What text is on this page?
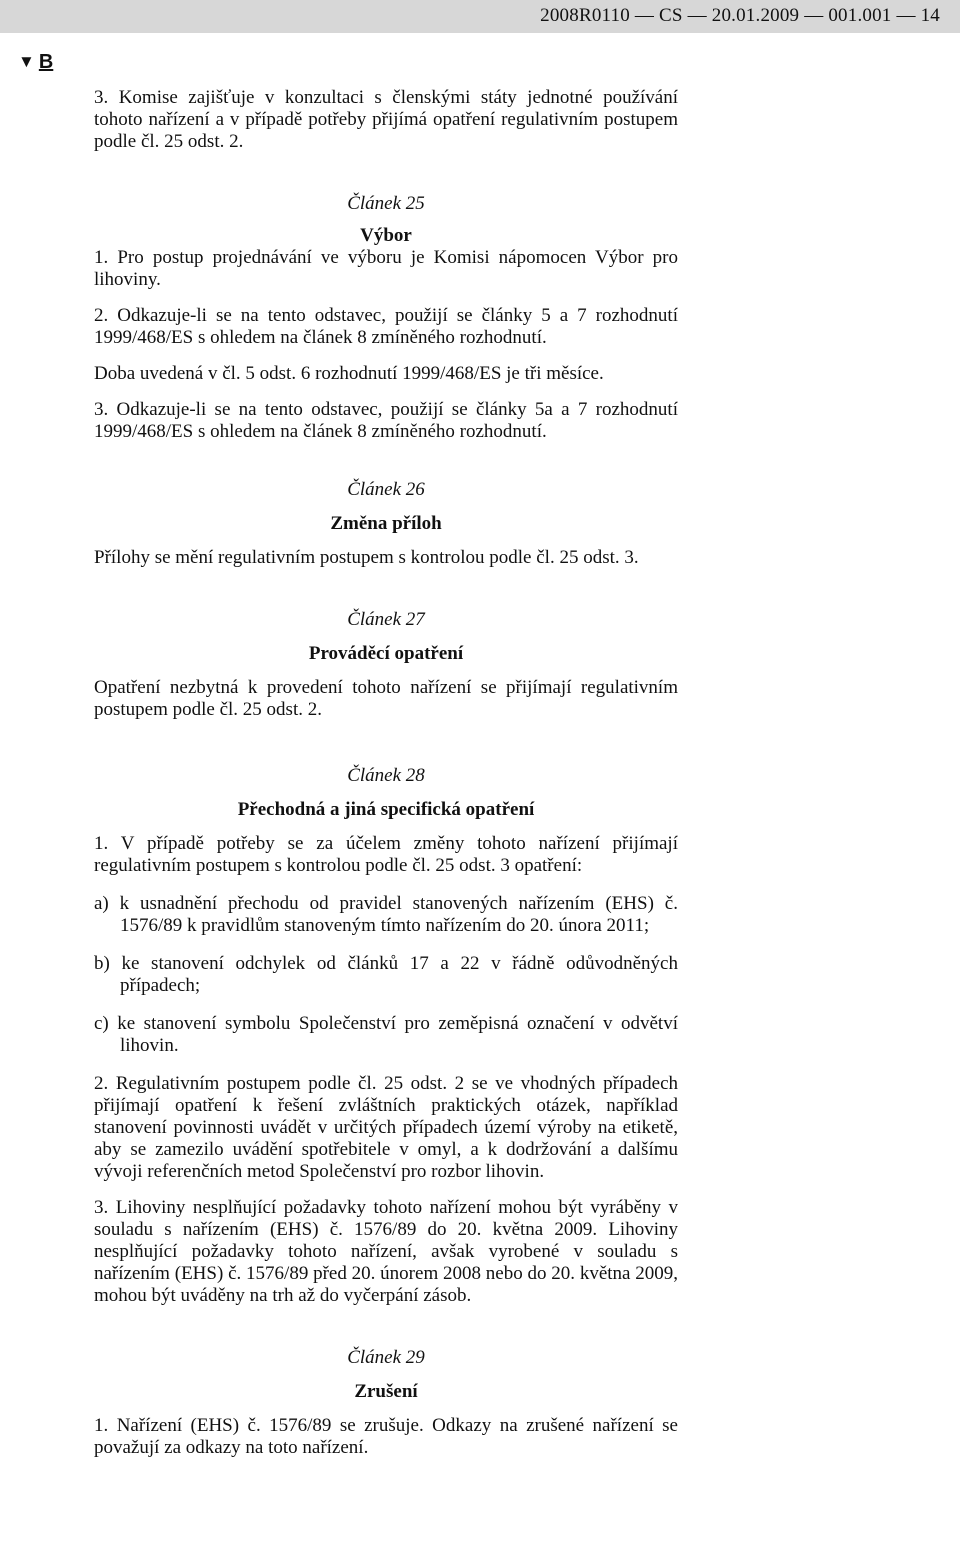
2008R0110 — CS — 20.01.2009 — 001.001 — 14
▼ B

3. Komise zajišťuje v konzultaci s členskými státy jednotné používání tohoto nařízení a v případě potřeby přijímá opatření regulativním postupem podle čl. 25 odst. 2.

Článek 25

Výbor

1. Pro postup projednávání ve výboru je Komisi nápomocen Výbor pro lihoviny.

2. Odkazuje-li se na tento odstavec, použijí se články 5 a 7 rozhodnutí 1999/468/ES s ohledem na článek 8 zmíněného rozhodnutí.

Doba uvedená v čl. 5 odst. 6 rozhodnutí 1999/468/ES je tři měsíce.

3. Odkazuje-li se na tento odstavec, použijí se články 5a a 7 rozhodnutí 1999/468/ES s ohledem na článek 8 zmíněného rozhodnutí.

Článek 26

Změna příloh

Přílohy se mění regulativním postupem s kontrolou podle čl. 25 odst. 3.

Článek 27

Prováděcí opatření

Opatření nezbytná k provedení tohoto nařízení se přijímají regulativním postupem podle čl. 25 odst. 2.

Článek 28

Přechodná a jiná specifická opatření

1. V případě potřeby se za účelem změny tohoto nařízení přijímají regulativním postupem s kontrolou podle čl. 25 odst. 3 opatření:

a) k usnadnění přechodu od pravidel stanovených nařízením (EHS) č. 1576/89 k pravidlům stanoveným tímto nařízením do 20. února 2011;

b) ke stanovení odchylek od článků 17 a 22 v řádně odůvodněných případech;

c) ke stanovení symbolu Společenství pro zeměpisná označení v odvětví lihovin.

2. Regulativním postupem podle čl. 25 odst. 2 se ve vhodných případech přijímají opatření k řešení zvláštních praktických otázek, například stanovení povinnosti uvádět v určitých případech území výroby na etiketě, aby se zamezilo uvádění spotřebitele v omyl, a k dodržování a dalšímu vývoji referenčních metod Společenství pro rozbor lihovin.

3. Lihoviny nesplňující požadavky tohoto nařízení mohou být vyráběny v souladu s nařízením (EHS) č. 1576/89 do 20. května 2009. Lihoviny nesplňující požadavky tohoto nařízení, avšak vyrobené v souladu s nařízením (EHS) č. 1576/89 před 20. únorem 2008 nebo do 20. května 2009, mohou být uváděny na trh až do vyčerpání zásob.

Článek 29

Zrušení

1. Nařízení (EHS) č. 1576/89 se zrušuje. Odkazy na zrušené nařízení se považují za odkazy na toto nařízení.
